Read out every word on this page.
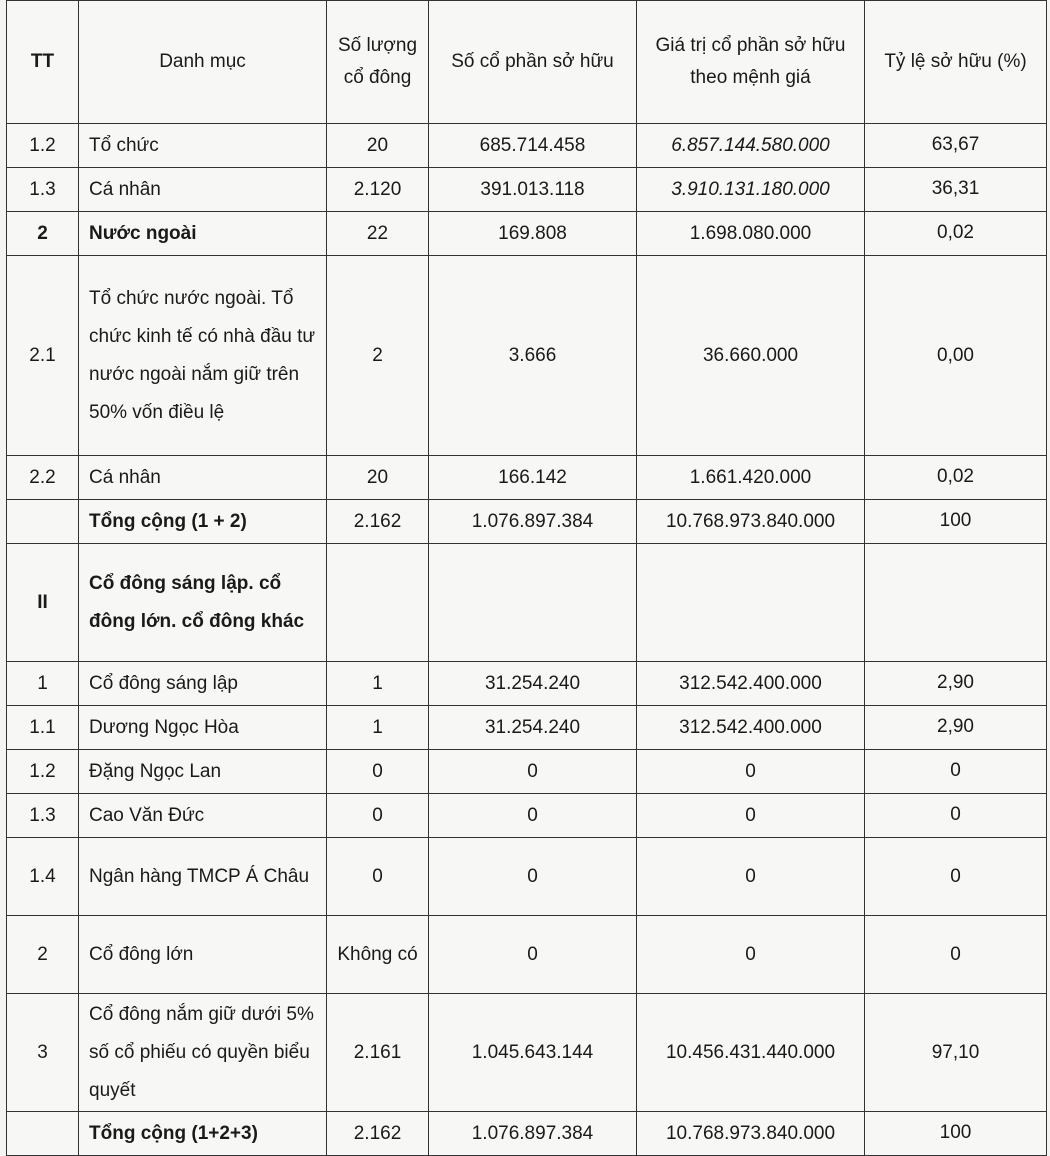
TT	Danh mục	Số lượng cổ đông	Số cổ phần sở hữu	Giá trị cổ phần sở hữu theo mệnh giá	Tỷ lệ sở hữu (%)
1.2	Tổ chức	20	685.714.458	6.857.144.580.000	63,67
1.3	Cá nhân	2.120	391.013.118	3.910.131.180.000	36,31
2	Nước ngoài	22	169.808	1.698.080.000	0,02
2.1	Tổ chức nước ngoài. Tổ chức kinh tế có nhà đầu tư nước ngoài nắm giữ trên 50% vốn điều lệ	2	3.666	36.660.000	0,00
2.2	Cá nhân	20	166.142	1.661.420.000	0,02
	Tổng cộng (1 + 2)	2.162	1.076.897.384	10.768.973.840.000	100
II	Cổ đông sáng lập. cổ đông lớn. cổ đông khác				
1	Cổ đông sáng lập	1	31.254.240	312.542.400.000	2,90
1.1	Dương Ngọc Hòa	1	31.254.240	312.542.400.000	2,90
1.2	Đặng Ngọc Lan	0	0	0	0
1.3	Cao Văn Đức	0	0	0	0
1.4	Ngân hàng TMCP Á Châu	0	0	0	0
2	Cổ đông lớn	Không có	0	0	0
3	Cổ đông nắm giữ dưới 5% số cổ phiếu có quyền biểu quyết	2.161	1.045.643.144	10.456.431.440.000	97,10
	Tổng cộng (1+2+3)	2.162	1.076.897.384	10.768.973.840.000	100
